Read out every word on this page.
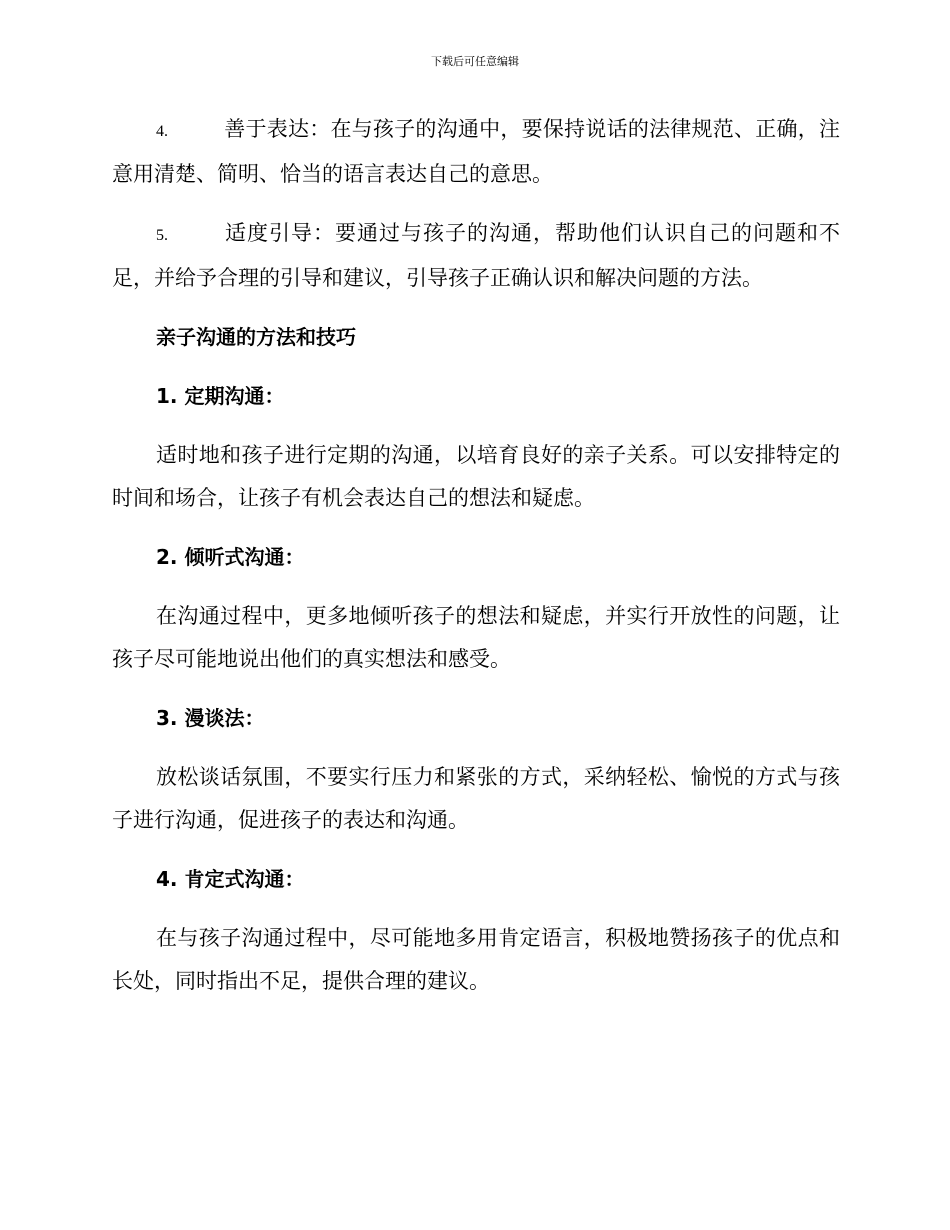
下载后可任意编辑

4.	善于表达：在与孩子的沟通中，要保持说话的法律规范、正确，注意用清楚、简明、恰当的语言表达自己的意思。

5.	适度引导：要通过与孩子的沟通，帮助他们认识自己的问题和不足，并给予合理的引导和建议，引导孩子正确认识和解决问题的方法。

亲子沟通的方法和技巧
1. 定期沟通：

适时地和孩子进行定期的沟通，以培育良好的亲子关系。可以安排特定的时间和场合，让孩子有机会表达自己的想法和疑虑。

2. 倾听式沟通：

在沟通过程中，更多地倾听孩子的想法和疑虑，并实行开放性的问题，让孩子尽可能地说出他们的真实想法和感受。

3. 漫谈法：

放松谈话氛围，不要实行压力和紧张的方式，采纳轻松、愉悦的方式与孩子进行沟通，促进孩子的表达和沟通。

4. 肯定式沟通：

在与孩子沟通过程中，尽可能地多用肯定语言，积极地赞扬孩子的优点和长处，同时指出不足，提供合理的建议。
